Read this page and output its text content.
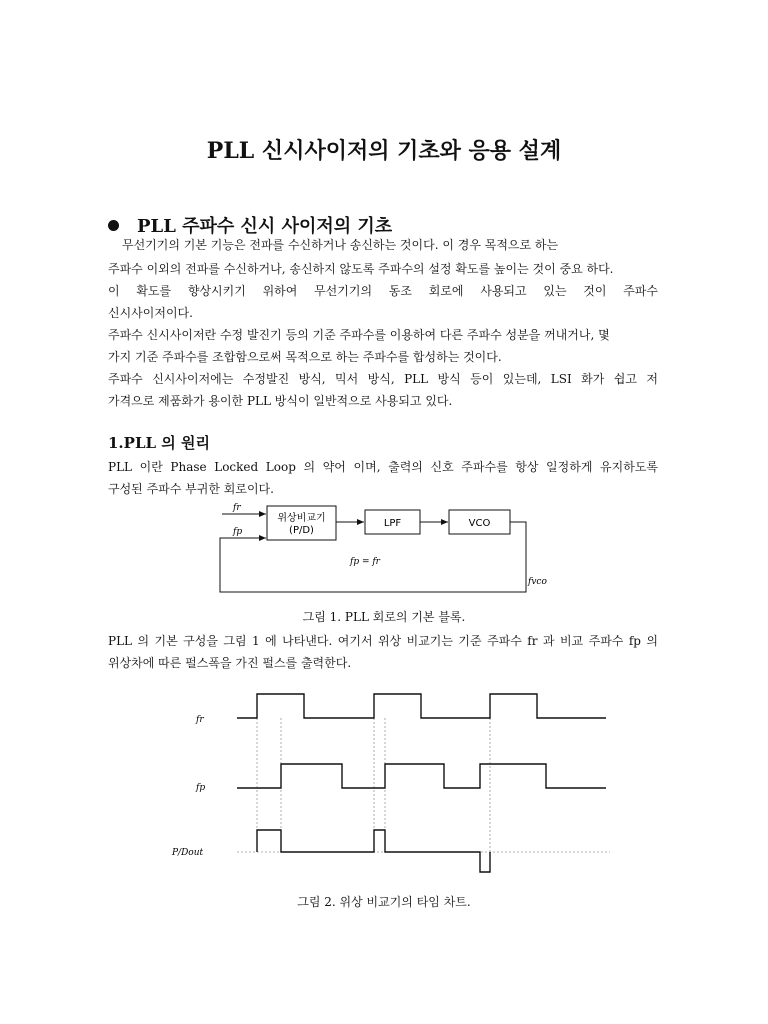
PLL 신시사이저의 기초와 응용 설계
PLL 주파수 신시 사이저의 기초

무선기기의 기본 기능은 전파를 수신하거나 송신하는 것이다. 이 경우 목적으로 하는

주파수 이외의 전파를 수신하거나, 송신하지 않도록 주파수의 설정 확도를 높이는 것이 중요 하다.

이 확도를 향상시키기 위하여 무선기기의 동조 회로에 사용되고 있는 것이 주파수

신시사이저이다.

주파수 신시사이저란 수정 발진기 등의 기준 주파수를 이용하여 다른 주파수 성분을 꺼내거나, 몇

가지 기준 주파수를 조합함으로써 목적으로 하는 주파수를 합성하는 것이다.

주파수 신시사이저에는 수정발진 방식, 믹서 방식, PLL 방식 등이 있는데, LSI 화가 쉽고 저

가격으로 제품화가 용이한 PLL 방식이 일반적으로 사용되고 있다.

1.PLL 의 원리

PLL 이란 Phase Locked Loop 의 약어 이며, 출력의 신호 주파수를 항상 일정하게 유지하도록

구성된 주파수 부귀한 회로이다.

fr
fp
위상비교기
(P/D)
LPF	VCO
fp = fr
fvco

그림 1. PLL 회로의 기본 블록.

PLL 의 기본 구성을 그림 1 에 나타낸다. 여기서 위상 비교기는 기준 주파수 fr 과 비교 주파수 fp 의

위상차에 따른 펄스폭을 가진 펄스를 출력한다.

fr
fp
P/Dout

그림 2. 위상 비교기의 타임 차트.
